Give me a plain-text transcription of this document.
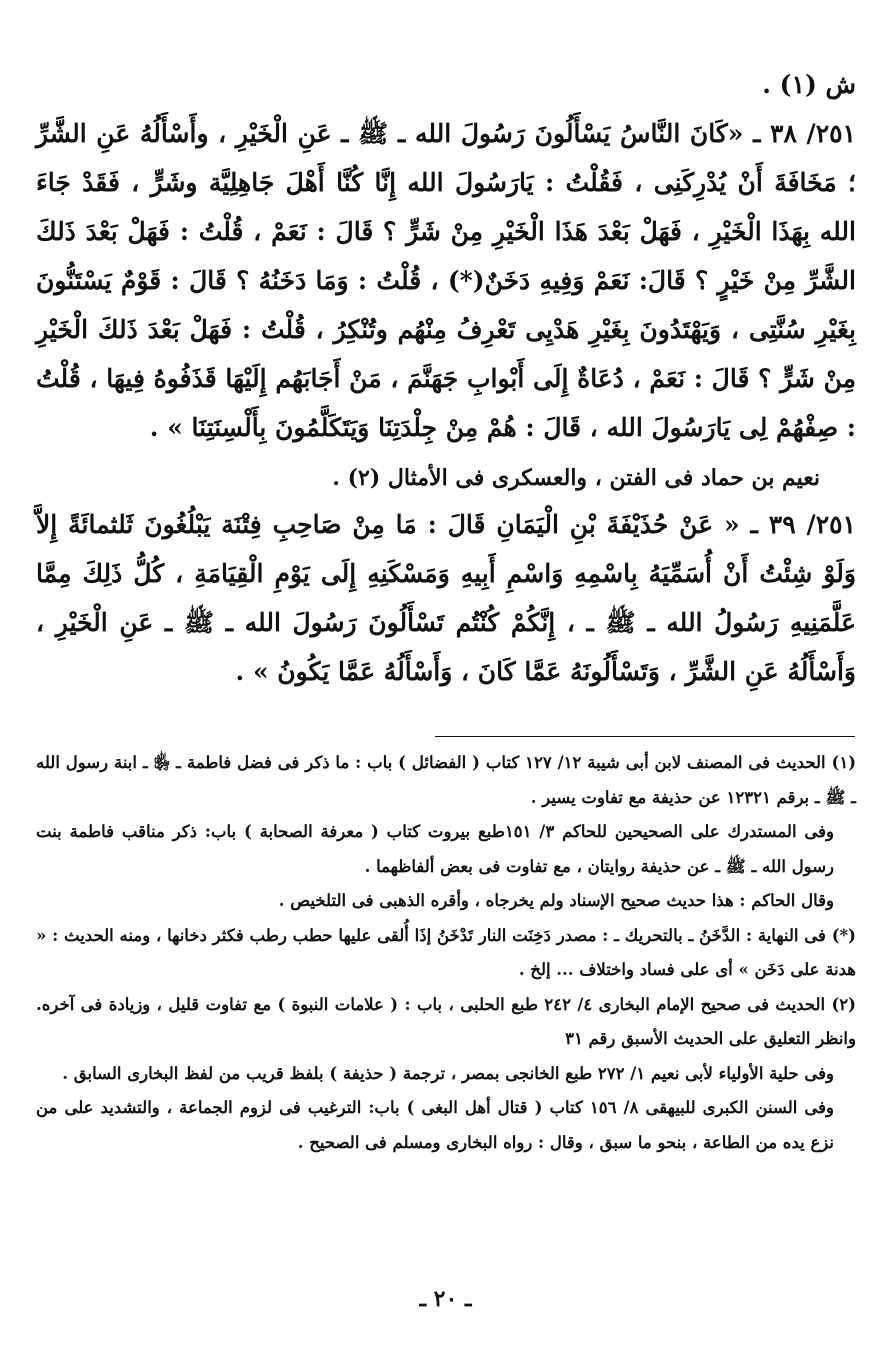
ش (١) .

٢٥١/ ٣٨ ـ «كَانَ النَّاسُ يَسْأَلُونَ رَسُولَ الله ـ ﷺ ـ عَنِ الْخَيْرِ ، وأَسْأَلُهُ عَنِ الشَّرِّ ؛ مَخَافَةَ أَنْ يُدْرِكَنِى ، فَقُلْتُ : يَارَسُولَ الله إِنَّا كُنَّا أَهْلَ جَاهِلِيَّة وشَرٍّ ، فَقَدْ جَاءَ الله بِهَذَا الْخَيْرِ ، فَهَلْ بَعْدَ هَذَا الْخَيْرِ مِنْ شَرٍّ ؟ قَالَ : نَعَمْ ، قُلْتُ : فَهَلْ بَعْدَ ذَلكَ الشَّرِّ مِنْ خَيْرٍ ؟ قَالَ: نَعَمْ وَفِيهِ دَخَنٌ(*) ، قُلْتُ : وَمَا دَخَنُهُ ؟ قَالَ : قَوْمٌ يَسْتَنُّونَ بِغَيْرِ سُنَّتِى ، وَيَهْتَدُونَ بِغَيْرِ هَدْيِى تَعْرِفُ مِنْهُم وتُنْكِرُ ، قُلْتُ : فَهَلْ بَعْدَ ذَلكَ الْخَيْرِ مِنْ شَرٍّ ؟ قَالَ : نَعَمْ ، دُعَاةٌ إِلَى أَبْوابِ جَهَنَّمَ ، مَنْ أَجَابَهُم إِلَيْهَا قَذَفُوهُ فِيهَا ، قُلْتُ : صِفْهُمْ لِى يَارَسُولَ الله ، قَالَ : هُمْ مِنْ جِلْدَتِنَا وَيَتَكَلَّمُونَ بِأَلْسِنَتِنَا » .

نعيم بن حماد فى الفتن ، والعسكرى فى الأمثال (٢) .

٢٥١/ ٣٩ ـ « عَنْ حُذَيْفَةَ بْنِ الْيَمَانِ قَالَ : مَا مِنْ صَاحِبِ فِتْنَة يَبْلُغُونَ ثَلثمائَةً إِلاَّ وَلَوْ شِئْتُ أَنْ أُسَمِّيَهُ بِاسْمِهِ وَاسْمِ أَبِيهِ وَمَسْكَنِهِ إِلَى يَوْمِ الْقِيَامَةِ ، كُلُّ ذَلِكَ مِمَّا عَلَّمَنِيهِ رَسُولُ الله ـ ﷺ ـ ، إِنَّكُمْ كُنْتُم تَسْأَلُونَ رَسُولَ الله ـ ﷺ ـ عَنِ الْخَيْرِ ، وَأَسْأَلُهُ عَنِ الشَّرِّ ، وَتَسْأَلُونَهُ عَمَّا كَانَ ، وَأَسْأَلُهُ عَمَّا يَكُونُ » .

(١) الحديث فى المصنف لابن أبى شيبة ١٢/ ١٢٧ كتاب ( الفضائل ) باب : ما ذكر فى فضل فاطمة ـ ﵂ ـ ابنة رسول الله ـ ﷺ ـ برقم ١٢٣٢١ عن حذيفة مع تفاوت يسير .

وفى المستدرك على الصحيحين للحاكم ٣/ ١٥١طبع بيروت كتاب ( معرفة الصحابة ) باب: ذكر مناقب فاطمة بنت رسول الله ـ ﷺ ـ عن حذيفة روايتان ، مع تفاوت فى بعض ألفاظهما .

وقال الحاكم : هذا حديث صحيح الإسناد ولم يخرجاه ، وأقره الذهبى فى التلخيص .

(*) فى النهاية : الدَّخَنُ ـ بالتحريك ـ : مصدر دَخِنَت النار تَدْخَنُ إذَا أُلقى عليها حطب رطب فكثر دخانها ، ومنه الحديث : « هدنة على دَخَن » أى على فساد واختلاف ... إلخ .

(٢) الحديث فى صحيح الإمام البخارى ٤/ ٢٤٢ طبع الحلبى ، باب : ( علامات النبوة ) مع تفاوت قليل ، وزيادة فى آخره. وانظر التعليق على الحديث الأسبق رقم ٣١

وفى حلية الأولياء لأبى نعيم ١/ ٢٧٢ طبع الخانجى بمصر ، ترجمة ( حذيفة ) بلفظ قريب من لفظ البخارى السابق .

وفى السنن الكبرى للبيهقى ٨/ ١٥٦ كتاب ( قتال أهل البغى ) باب: الترغيب فى لزوم الجماعة ، والتشديد على من نزع يده من الطاعة ، بنحو ما سبق ، وقال : رواه البخارى ومسلم فى الصحيح .

ـ ٢٠ ـ
